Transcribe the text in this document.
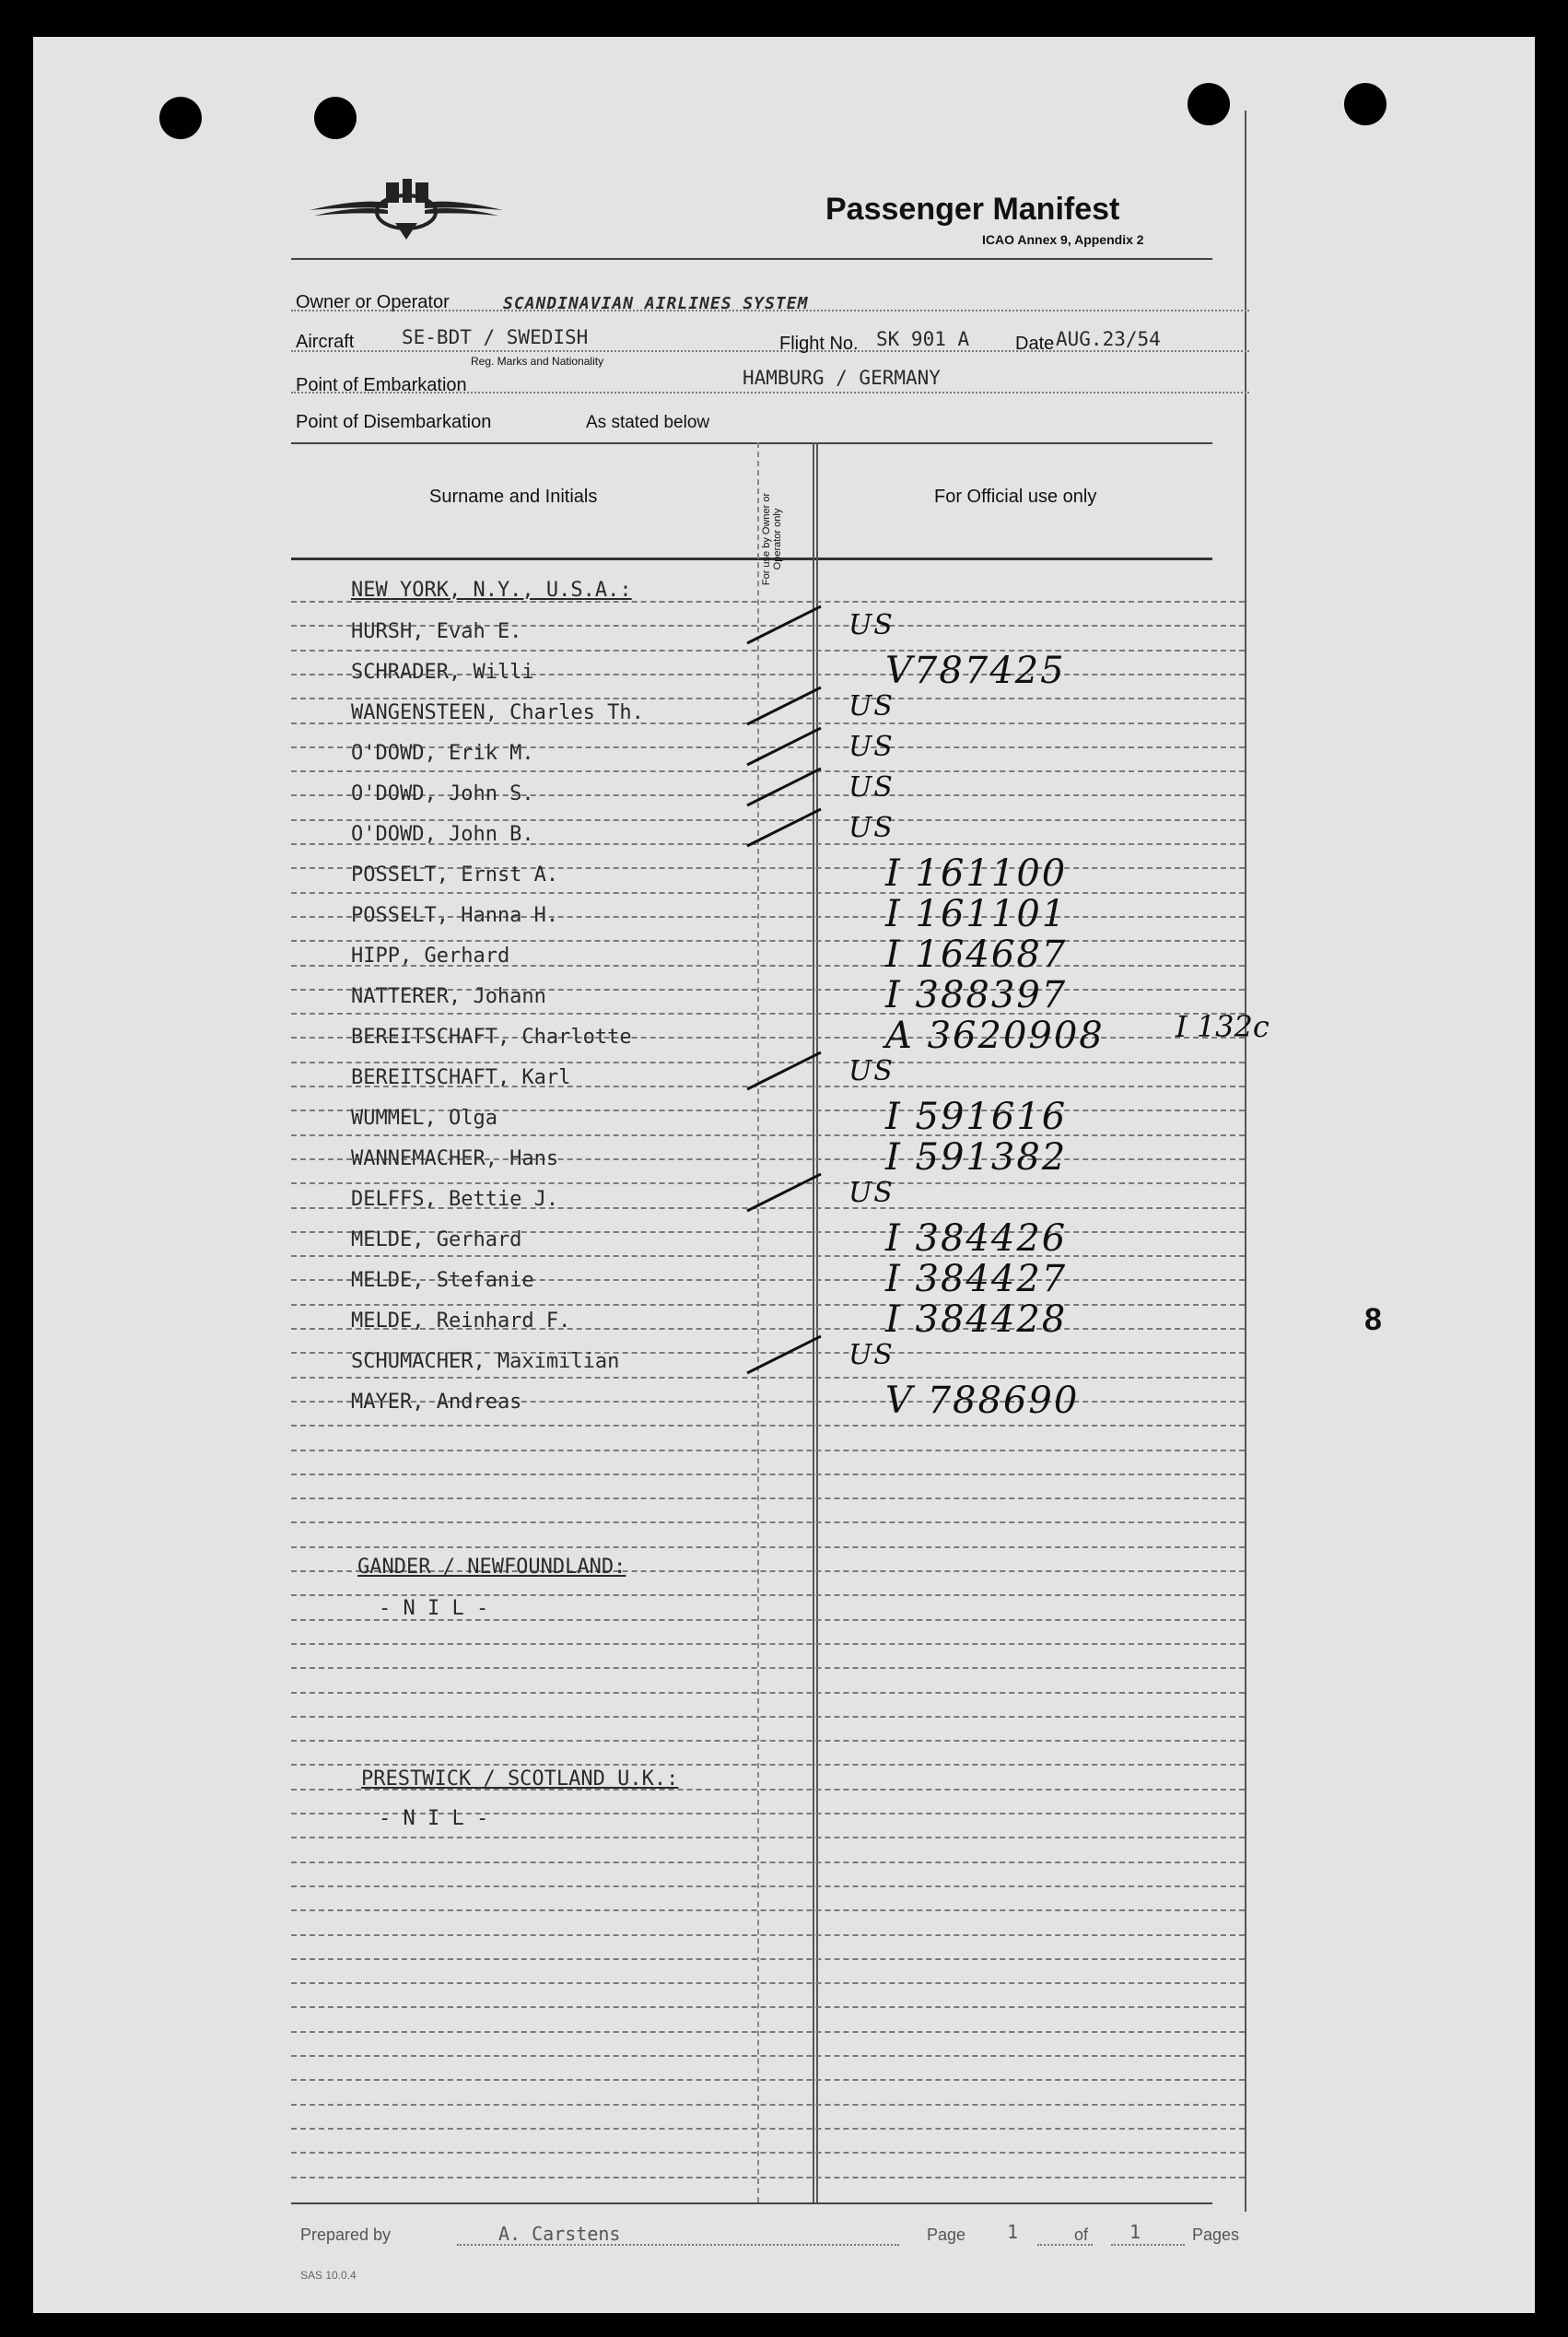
Passenger Manifest
ICAO Annex 9, Appendix 2
Owner or Operator	SCANDINAVIAN AIRLINES SYSTEM
Aircraft SE-BDT / SWEDISH
Reg. Marks and Nationality
Flight No. SK 901 A Date AUG.23/54
Point of Embarkation	HAMBURG / GERMANY
Point of Disembarkation	As stated below
Surname and Initials	For use by Owner or Operator only
For Official use only
NEW YORK, N.Y., U.S.A.:
HURSH, Evah E.	US
SCHRADER, Willi	V787425
WANGENSTEEN, Charles Th.	US
O'DOWD, Erik M.	US
O'DOWD, John S.	US
O'DOWD, John B.	US
POSSELT, Ernst A.	I 161100
POSSELT, Hanna H.	I 161101
HIPP, Gerhard	I 164687
NATTERER, Johann	I 388397
BEREITSCHAFT, Charlotte	A 3620908 I 132c
BEREITSCHAFT, Karl	US
WUMMEL, Olga	I 591616
WANNEMACHER, Hans	I 591382
DELFFS, Bettie J.	US
MELDE, Gerhard	I 384426
MELDE, Stefanie	I 384427
MELDE, Reinhard F.	I 384428
SCHUMACHER, Maximilian	US
MAYER, Andreas	V 788690
GANDER / NEWFOUNDLAND:
- N I L -
PRESTWICK / SCOTLAND U.K.:
- N I L -
8
Prepared by	A. Carstens	Page 1	of 1	Pages
SAS 10.0.4
